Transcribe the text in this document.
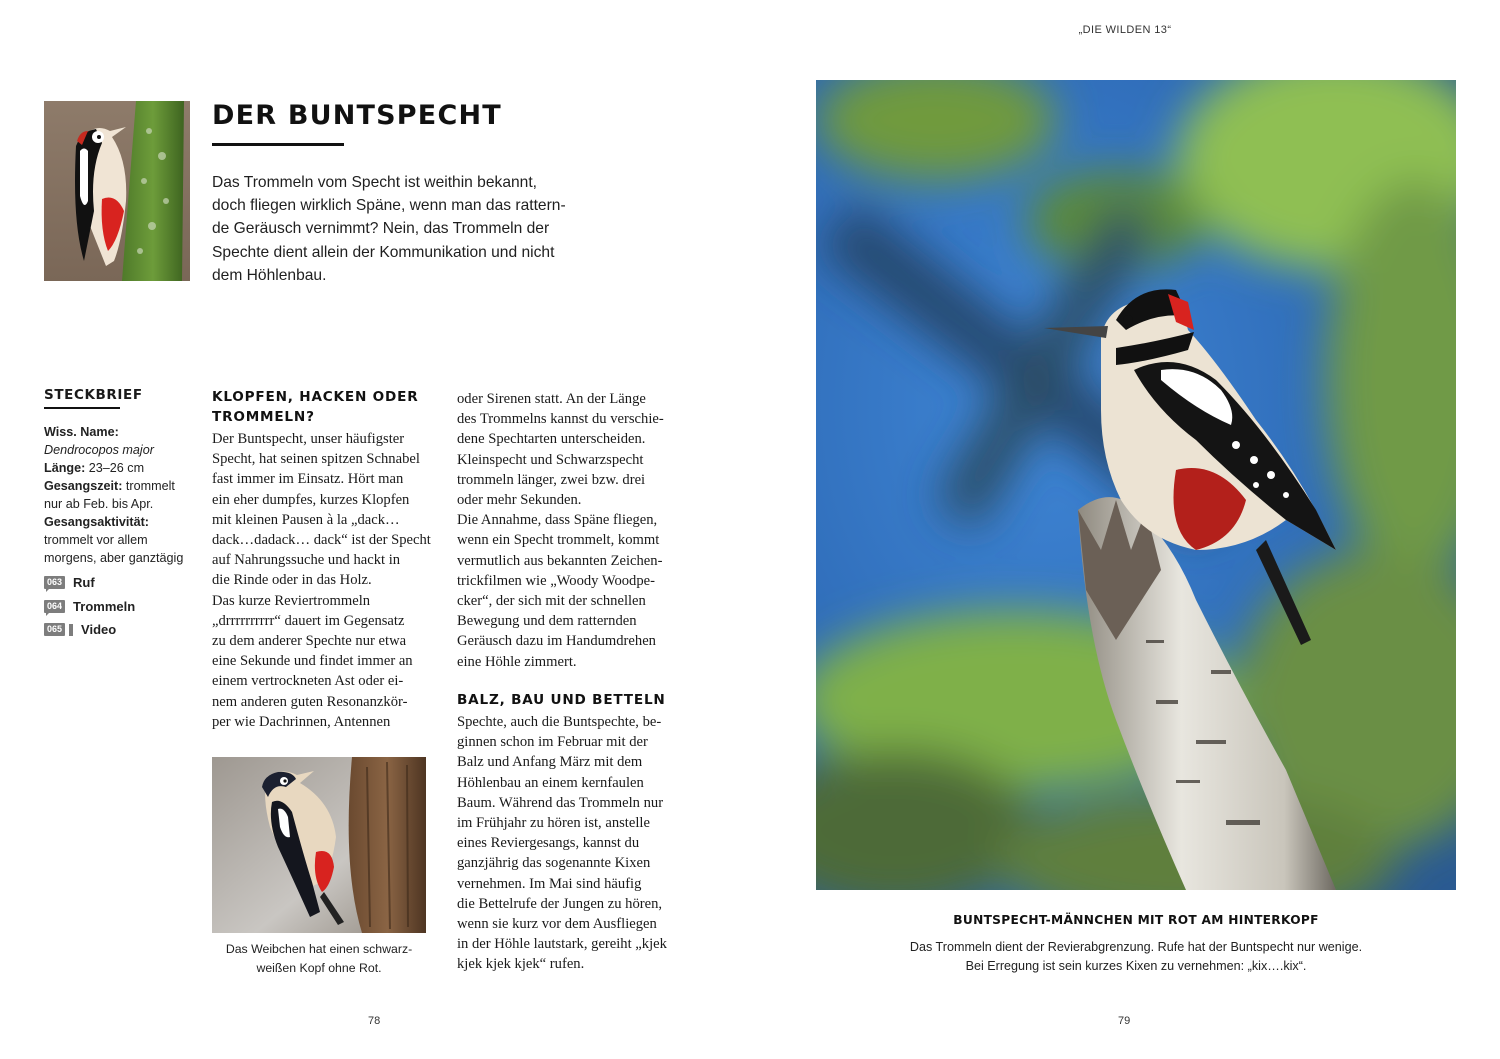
„DIE WILDEN 13“
DER BUNTSPECHT

Das Trommeln vom Specht ist weithin bekannt,

doch fliegen wirklich Späne, wenn man das rattern-

de Geräusch vernimmt? Nein, das Trommeln der

Spechte dient allein der Kommunikation und nicht

dem Höhlenbau.

STECKBRIEF
Wiss. Name:
Dendrocopos major
Länge: 23–26 cm
Gesangszeit: trommelt
nur ab Feb. bis Apr.
Gesangsaktivität:
trommelt vor allem
morgens, aber ganztägig
063 Ruf
064 Trommeln
065 Video
KLOPFEN, HACKEN ODER
TROMMELN?

Der Buntspecht, unser häufigster

Specht, hat seinen spitzen Schnabel

fast immer im Einsatz. Hört man

ein eher dumpfes, kurzes Klopfen

mit kleinen Pausen à la „dack…

dack…dadack… dack“ ist der Specht

auf Nahrungssuche und hackt in

die Rinde oder in das Holz.

Das kurze Reviertrommeln

„drrrrrrrrrr“ dauert im Gegensatz

zu dem anderer Spechte nur etwa

eine Sekunde und findet immer an

einem vertrockneten Ast oder ei-

nem anderen guten Resonanzkör-

per wie Dachrinnen, Antennen

Das Weibchen hat einen schwarz-
weißen Kopf ohne Rot.

oder Sirenen statt. An der Länge

des Trommelns kannst du verschie-

dene Spechtarten unterscheiden.

Kleinspecht und Schwarzspecht

trommeln länger, zwei bzw. drei

oder mehr Sekunden.

Die Annahme, dass Späne fliegen,

wenn ein Specht trommelt, kommt

vermutlich aus bekannten Zeichen-

trickfilmen wie „Woody Woodpe-

cker“, der sich mit der schnellen

Bewegung und dem ratternden

Geräusch dazu im Handumdrehen

eine Höhle zimmert.

BALZ, BAU UND BETTELN

Spechte, auch die Buntspechte, be-

ginnen schon im Februar mit der

Balz und Anfang März mit dem

Höhlenbau an einem kernfaulen

Baum. Während das Trommeln nur

im Frühjahr zu hören ist, anstelle

eines Reviergesangs, kannst du

ganzjährig das sogenannte Kixen

vernehmen. Im Mai sind häufig

die Bettelrufe der Jungen zu hören,

wenn sie kurz vor dem Ausfliegen

in der Höhle lautstark, gereiht „kjek

kjek kjek kjek“ rufen.

BUNTSPECHT-MÄNNCHEN MIT ROT AM HINTERKOPF
Das Trommeln dient der Revierabgrenzung. Rufe hat der Buntspecht nur wenige.
Bei Erregung ist sein kurzes Kixen zu vernehmen: „kix….kix“.
78	79
